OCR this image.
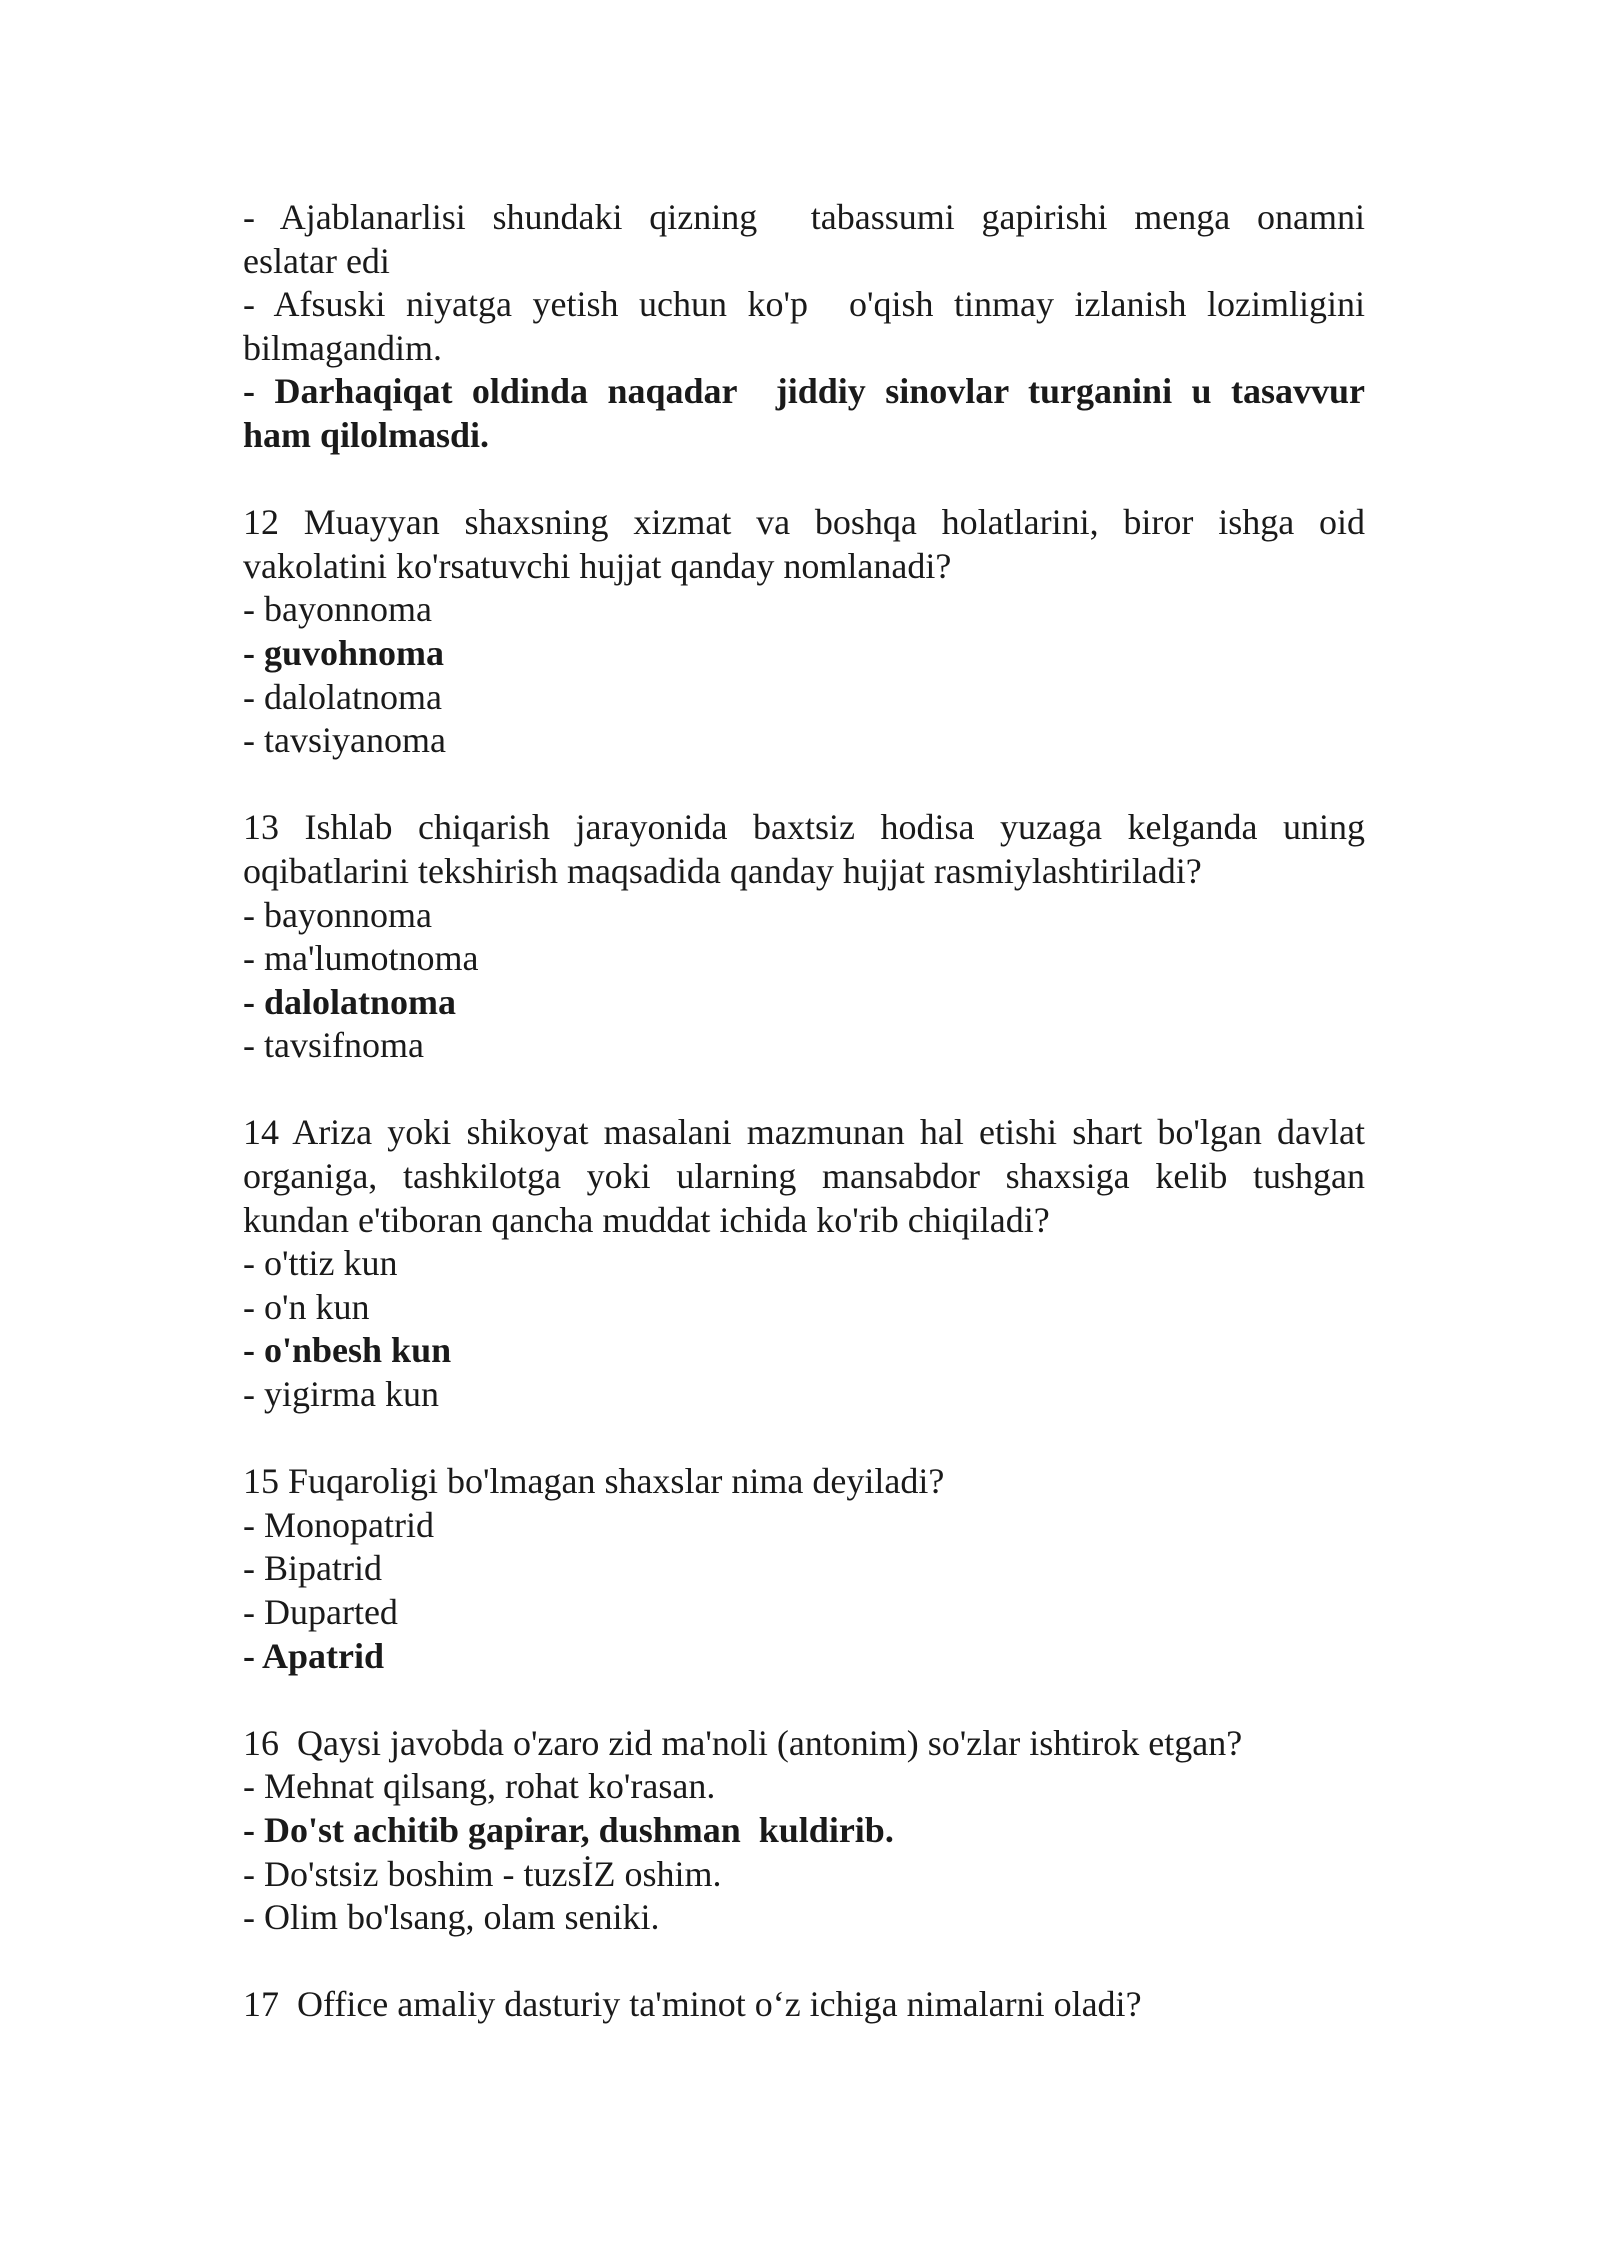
- Ajablanarlisi shundaki qizning  tabassumi gapirishi menga onamni
eslatar edi
- Afsuski niyatga yetish uchun ko'p  o'qish tinmay izlanish lozimligini
bilmagandim.
- Darhaqiqat oldinda naqadar  jiddiy sinovlar turganini u tasavvur
ham qilolmasdi.
12 Muayyan shaxsning xizmat va boshqa holatlarini, biror ishga oid
vakolatini ko'rsatuvchi hujjat qanday nomlanadi?
- bayonnoma
- guvohnoma
- dalolatnoma
- tavsiyanoma
13 Ishlab chiqarish jarayonida baxtsiz hodisa yuzaga kelganda uning
oqibatlarini tekshirish maqsadida qanday hujjat rasmiylashtiriladi?
- bayonnoma
- ma'lumotnoma
- dalolatnoma
- tavsifnoma
14 Ariza yoki shikoyat masalani mazmunan hal etishi shart bo'lgan davlat
organiga, tashkilotga yoki ularning mansabdor shaxsiga kelib tushgan
kundan e'tiboran qancha muddat ichida ko'rib chiqiladi?
- o'ttiz kun
- o'n kun
- o'nbesh kun
- yigirma kun
15 Fuqaroligi bo'lmagan shaxslar nima deyiladi?
- Monopatrid
- Bipatrid
- Duparted
- Apatrid
16  Qaysi javobda o'zaro zid ma'noli (antonim) so'zlar ishtirok etgan?
- Mehnat qilsang, rohat ko'rasan.
- Do'st achitib gapirar, dushman  kuldirib.
- Do'stsiz boshim - tuzsİZ oshim.
- Olim bo'lsang, olam seniki.
17  Office amaliy dasturiy ta'minot o‘z ichiga nimalarni oladi?
